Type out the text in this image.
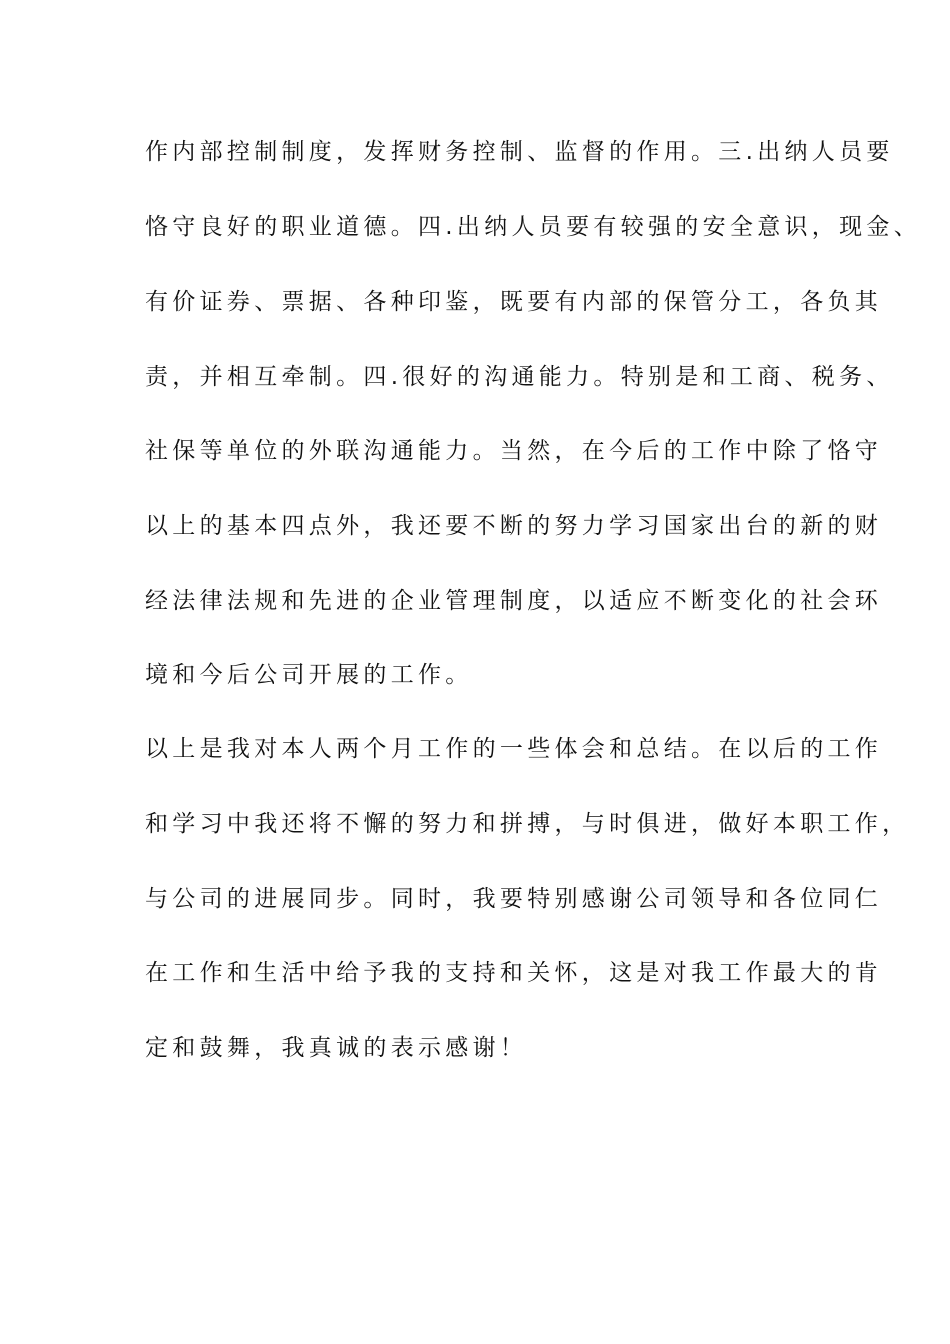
作内部控制制度，发挥财务控制、监督的作用。三.出纳人员要

恪守良好的职业道德。四.出纳人员要有较强的安全意识，现金、

有价证券、票据、各种印鉴，既要有内部的保管分工，各负其

责，并相互牵制。四.很好的沟通能力。特别是和工商、税务、

社保等单位的外联沟通能力。当然，在今后的工作中除了恪守

以上的基本四点外，我还要不断的努力学习国家出台的新的财

经法律法规和先进的企业管理制度，以适应不断变化的社会环

境和今后公司开展的工作。

以上是我对本人两个月工作的一些体会和总结。在以后的工作

和学习中我还将不懈的努力和拼搏，与时俱进，做好本职工作，

与公司的进展同步。同时，我要特别感谢公司领导和各位同仁

在工作和生活中给予我的支持和关怀，这是对我工作最大的肯

定和鼓舞，我真诚的表示感谢！
